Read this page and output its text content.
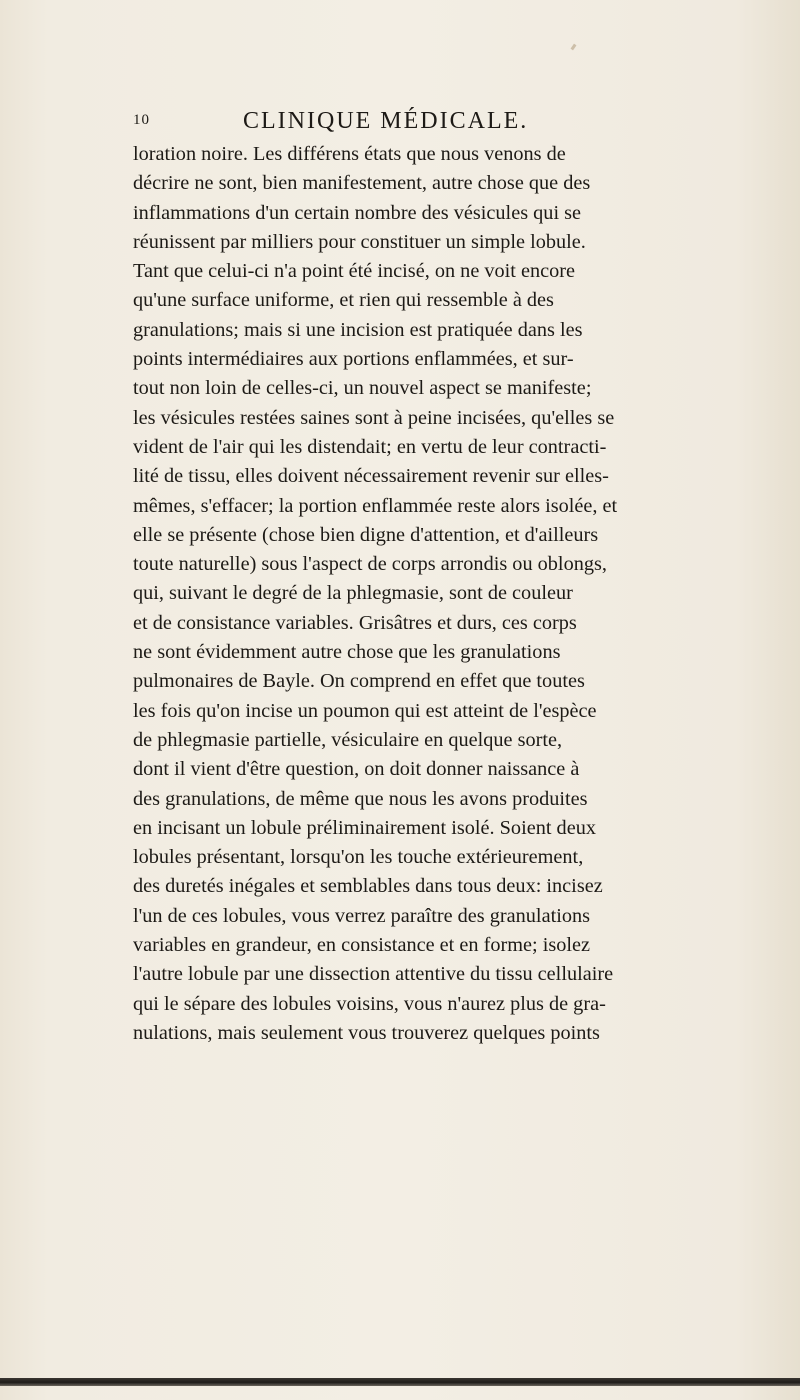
10	CLINIQUE MÉDICALE.

loration noire. Les différens états que nous venons de
décrire ne sont, bien manifestement, autre chose que des
inflammations d'un certain nombre des vésicules qui se
réunissent par milliers pour constituer un simple lobule.
Tant que celui-ci n'a point été incisé, on ne voit encore
qu'une surface uniforme, et rien qui ressemble à des
granulations; mais si une incision est pratiquée dans les
points intermédiaires aux portions enflammées, et sur-
tout non loin de celles-ci, un nouvel aspect se manifeste;
les vésicules restées saines sont à peine incisées, qu'elles se
vident de l'air qui les distendait; en vertu de leur contracti-
lité de tissu, elles doivent nécessairement revenir sur elles-
mêmes, s'effacer; la portion enflammée reste alors isolée, et
elle se présente (chose bien digne d'attention, et d'ailleurs
toute naturelle) sous l'aspect de corps arrondis ou oblongs,
qui, suivant le degré de la phlegmasie, sont de couleur
et de consistance variables. Grisâtres et durs, ces corps
ne sont évidemment autre chose que les granulations
pulmonaires de Bayle. On comprend en effet que toutes
les fois qu'on incise un poumon qui est atteint de l'espèce
de phlegmasie partielle, vésiculaire en quelque sorte,
dont il vient d'être question, on doit donner naissance à
des granulations, de même que nous les avons produites
en incisant un lobule préliminairement isolé. Soient deux
lobules présentant, lorsqu'on les touche extérieurement,
des duretés inégales et semblables dans tous deux: incisez
l'un de ces lobules, vous verrez paraître des granulations
variables en grandeur, en consistance et en forme; isolez
l'autre lobule par une dissection attentive du tissu cellulaire
qui le sépare des lobules voisins, vous n'aurez plus de gra-
nulations, mais seulement vous trouverez quelques points
